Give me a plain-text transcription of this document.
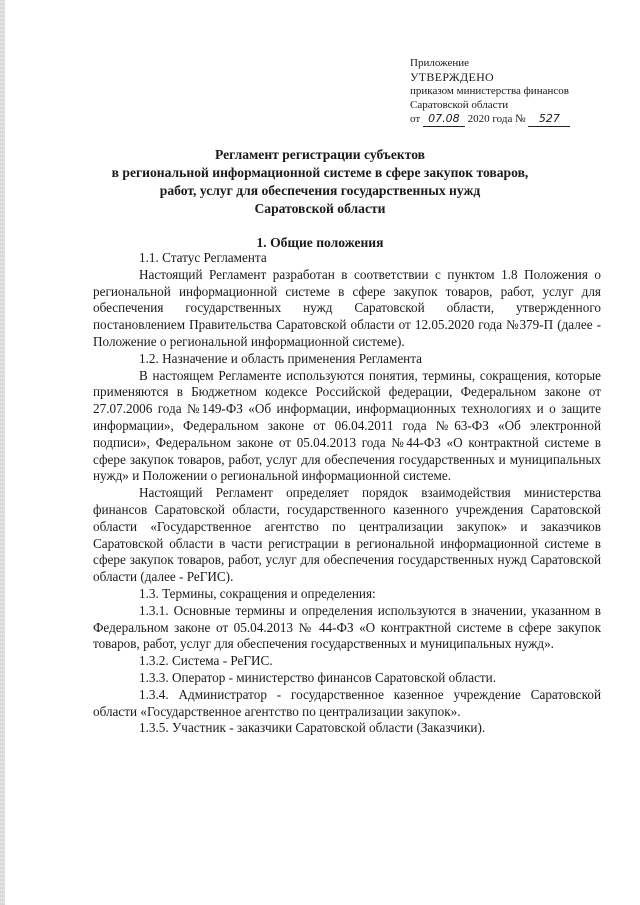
Приложение
УТВЕРЖДЕНО
приказом министерства финансов
Саратовской области
от 07.08 2020 года № 527
Регламент регистрации субъектов
в региональной информационной системе в сфере закупок товаров,
работ, услуг для обеспечения государственных нужд
Саратовской области
1. Общие положения

1.1. Статус Регламента

Настоящий Регламент разработан в соответствии с пунктом 1.8 Положения о региональной информационной системе в сфере закупок товаров, работ, услуг для обеспечения государственных нужд Саратовской области, утвержденного постановлением Правительства Саратовской области от 12.05.2020 года №379-П (далее - Положение о региональной информационной системе).

1.2. Назначение и область применения Регламента

В настоящем Регламенте используются понятия, термины, сокращения, которые применяются в Бюджетном кодексе Российской федерации, Федеральном законе от 27.07.2006 года №149-ФЗ «Об информации, информационных технологиях и о защите информации», Федеральном законе от 06.04.2011 года №63-ФЗ «Об электронной подписи», Федеральном законе от 05.04.2013 года №44-ФЗ «О контрактной системе в сфере закупок товаров, работ, услуг для обеспечения государственных и муниципальных нужд» и Положении о региональной информационной системе.

Настоящий Регламент определяет порядок взаимодействия министерства финансов Саратовской области, государственного казенного учреждения Саратовской области «Государственное агентство по централизации закупок» и заказчиков Саратовской области в части регистрации в региональной информационной системе в сфере закупок товаров, работ, услуг для обеспечения государственных нужд Саратовской области (далее - РеГИС).

1.3. Термины, сокращения и определения:

1.3.1. Основные термины и определения используются в значении, указанном в Федеральном законе от 05.04.2013 № 44-ФЗ «О контрактной системе в сфере закупок товаров, работ, услуг для обеспечения государственных и муниципальных нужд».

1.3.2. Система - РеГИС.

1.3.3. Оператор - министерство финансов Саратовской области.

1.3.4. Администратор - государственное казенное учреждение Саратовской области «Государственное агентство по централизации закупок».

1.3.5. Участник - заказчики Саратовской области (Заказчики).
